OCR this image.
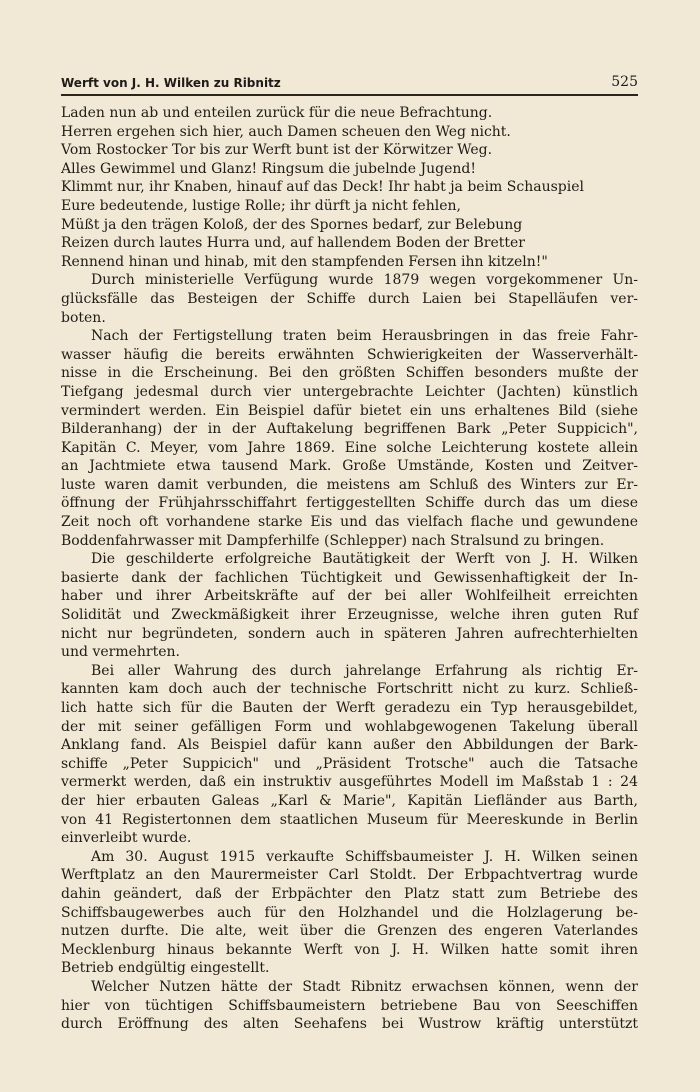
Werft von J. H. Wilken zu Ribnitz	525
Laden nun ab und enteilen zurück für die neue Befrachtung.
Herren ergehen sich hier, auch Damen scheuen den Weg nicht.
Vom Rostocker Tor bis zur Werft bunt ist der Körwitzer Weg.
Alles Gewimmel und Glanz! Ringsum die jubelnde Jugend!
Klimmt nur, ihr Knaben, hinauf auf das Deck! Ihr habt ja beim Schauspiel
Eure bedeutende, lustige Rolle; ihr dürft ja nicht fehlen,
Müßt ja den trägen Koloß, der des Spornes bedarf, zur Belebung
Reizen durch lautes Hurra und, auf hallendem Boden der Bretter
Rennend hinan und hinab, mit den stampfenden Fersen ihn kitzeln!"
Durch ministerielle Verfügung wurde 1879 wegen vorgekommener Un-
glücksfälle das Besteigen der Schiffe durch Laien bei Stapelläufen ver-
boten.
Nach der Fertigstellung traten beim Herausbringen in das freie Fahr-
wasser häufig die bereits erwähnten Schwierigkeiten der Wasserverhält-
nisse in die Erscheinung. Bei den größten Schiffen besonders mußte der
Tiefgang jedesmal durch vier untergebrachte Leichter (Jachten) künstlich
vermindert werden. Ein Beispiel dafür bietet ein uns erhaltenes Bild (siehe
Bilderanhang) der in der Auftakelung begriffenen Bark „Peter Suppicich",
Kapitän C. Meyer, vom Jahre 1869. Eine solche Leichterung kostete allein
an Jachtmiete etwa tausend Mark. Große Umstände, Kosten und Zeitver-
luste waren damit verbunden, die meistens am Schluß des Winters zur Er-
öffnung der Frühjahrsschiffahrt fertiggestellten Schiffe durch das um diese
Zeit noch oft vorhandene starke Eis und das vielfach flache und gewundene
Boddenfahrwasser mit Dampferhilfe (Schlepper) nach Stralsund zu bringen.
Die geschilderte erfolgreiche Bautätigkeit der Werft von J. H. Wilken
basierte dank der fachlichen Tüchtigkeit und Gewissenhaftigkeit der In-
haber und ihrer Arbeitskräfte auf der bei aller Wohlfeilheit erreichten
Solidität und Zweckmäßigkeit ihrer Erzeugnisse, welche ihren guten Ruf
nicht nur begründeten, sondern auch in späteren Jahren aufrechterhielten
und vermehrten.
Bei aller Wahrung des durch jahrelange Erfahrung als richtig Er-
kannten kam doch auch der technische Fortschritt nicht zu kurz. Schließ-
lich hatte sich für die Bauten der Werft geradezu ein Typ herausgebildet,
der mit seiner gefälligen Form und wohlabgewogenen Takelung überall
Anklang fand. Als Beispiel dafür kann außer den Abbildungen der Bark-
schiffe „Peter Suppicich" und „Präsident Trotsche" auch die Tatsache
vermerkt werden, daß ein instruktiv ausgeführtes Modell im Maßstab 1 : 24
der hier erbauten Galeas „Karl & Marie", Kapitän Liefländer aus Barth,
von 41 Registertonnen dem staatlichen Museum für Meereskunde in Berlin
einverleibt wurde.
Am 30. August 1915 verkaufte Schiffsbaumeister J. H. Wilken seinen
Werftplatz an den Maurermeister Carl Stoldt. Der Erbpachtvertrag wurde
dahin geändert, daß der Erbpächter den Platz statt zum Betriebe des
Schiffsbaugewerbes auch für den Holzhandel und die Holzlagerung be-
nutzen durfte. Die alte, weit über die Grenzen des engeren Vaterlandes
Mecklenburg hinaus bekannte Werft von J. H. Wilken hatte somit ihren
Betrieb endgültig eingestellt.
Welcher Nutzen hätte der Stadt Ribnitz erwachsen können, wenn der
hier von tüchtigen Schiffsbaumeistern betriebene Bau von Seeschiffen
durch Eröffnung des alten Seehafens bei Wustrow kräftig unterstützt
